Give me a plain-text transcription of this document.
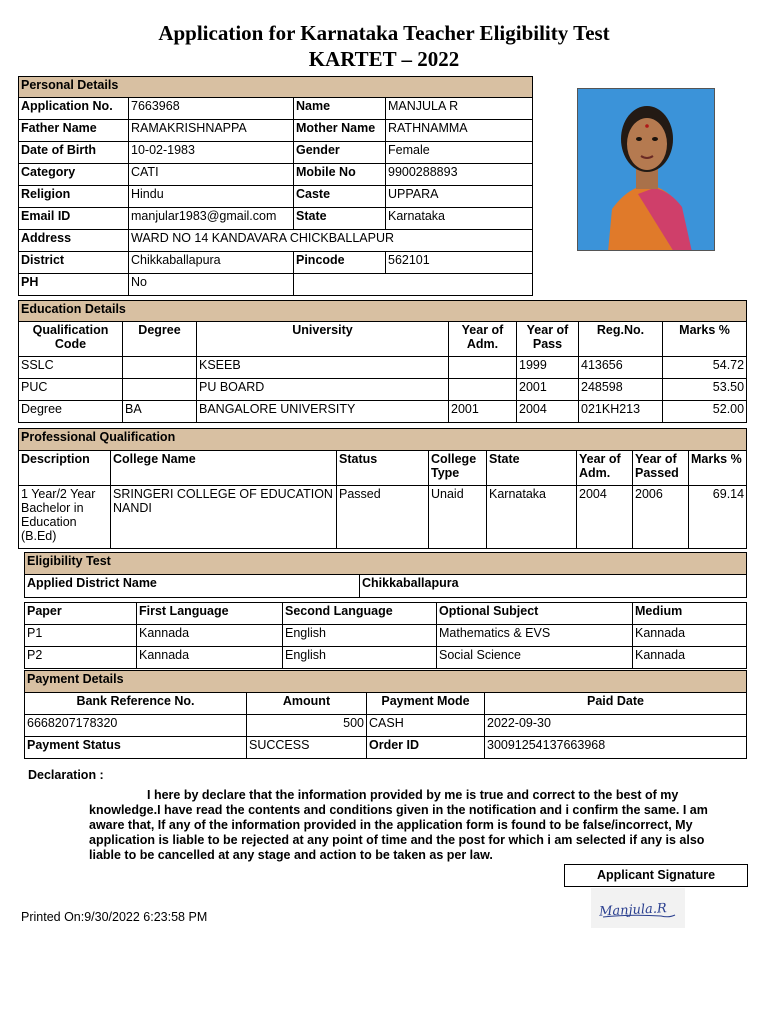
Application for Karnataka Teacher Eligibility Test
KARTET – 2022
Personal Details			
Application No.	7663968	Name	MANJULA R
Father Name	RAMAKRISHNAPPA	Mother Name	RATHNAMMA
Date of Birth	10-02-1983	Gender	Female
Category	CATI	Mobile No	9900288893
Religion	Hindu	Caste	UPPARA
Email ID	manjular1983@gmail.com	State	Karnataka
Address	WARD NO 14 KANDAVARA CHICKBALLAPUR		
District	Chikkaballapura	Pincode	562101
PH	No		
Education Details						
Qualification Code	Degree	University	Year of Adm.	Year of Pass	Reg.No.	Marks %
SSLC		KSEEB		1999	413656	54.72
PUC		PU BOARD		2001	248598	53.50
Degree	BA	BANGALORE UNIVERSITY	2001	2004	021KH213	52.00
Professional Qualification							
Description	College Name	Status	College Type	State	Year of Adm.	Year of Passed	Marks %
1 Year/2 Year Bachelor in Education (B.Ed)	SRINGERI COLLEGE OF EDUCATION NANDI	Passed	Unaid	Karnataka	2004	2006	69.14
Eligibility Test
Applied District Name	Chikkaballapura
Paper	First Language	Second Language	Optional Subject	Medium
P1	Kannada	English	Mathematics & EVS	Kannada
P2	Kannada	English	Social Science	Kannada
Payment Details			
Bank Reference No.	Amount	Payment Mode	Paid Date
6668207178320	500	CASH	2022-09-30
Payment Status	SUCCESS	Order ID	30091254137663968
Declaration :
I here by declare that the information provided by me is true and correct to the best of my knowledge.I have read the contents and conditions given in the notification and i confirm the same. I am aware that, If any of the information provided in the application form is found to be false/incorrect, My application is liable to be rejected at any point of time and the post for which i am selected if any is also liable to be cancelled at any stage and action to be taken as per law.
Applicant Signature
Manjula.R
Printed On:9/30/2022 6:23:58 PM
